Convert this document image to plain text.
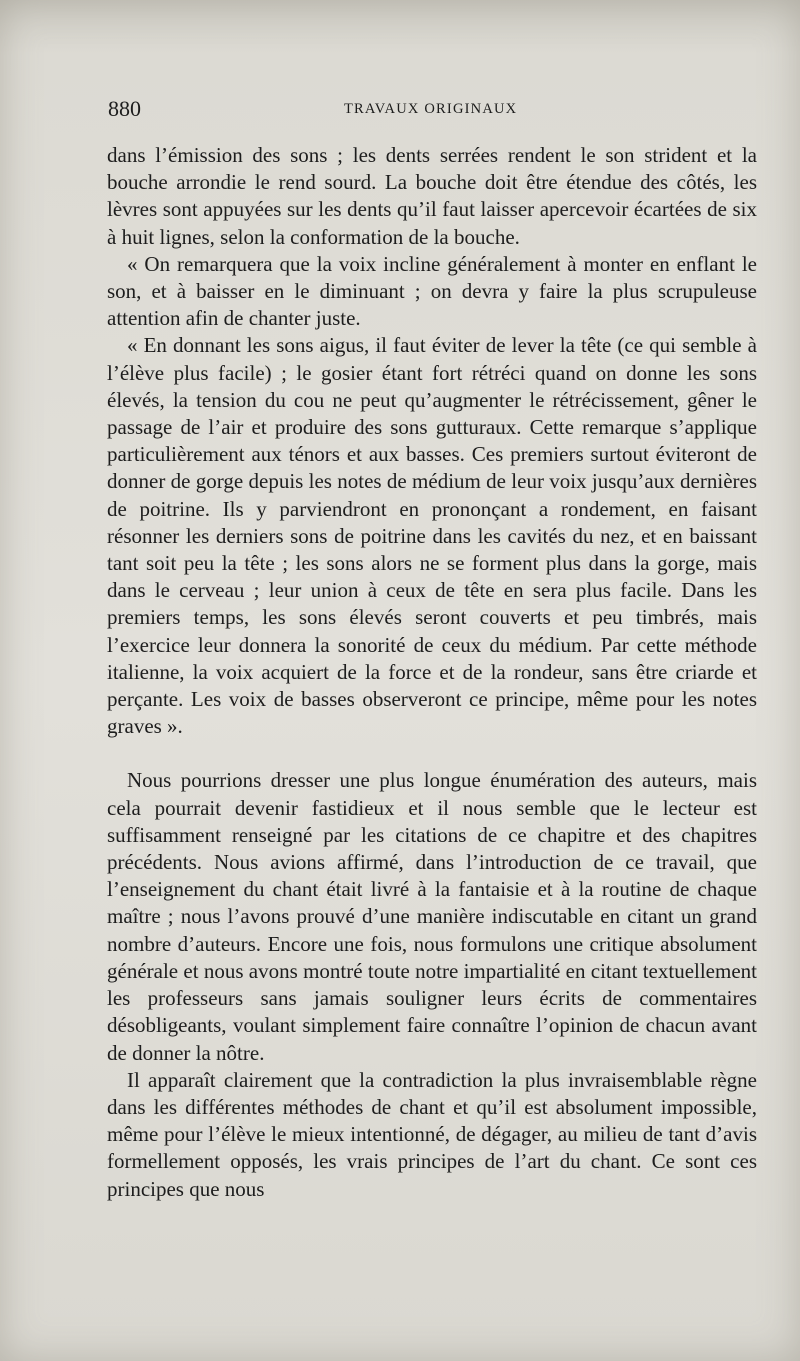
880	TRAVAUX ORIGINAUX

dans l’émission des sons ; les dents serrées rendent le son strident et la bouche arrondie le rend sourd. La bouche doit être étendue des côtés, les lèvres sont appuyées sur les dents qu’il faut laisser apercevoir écartées de six à huit lignes, selon la conformation de la bouche.

« On remarquera que la voix incline généralement à monter en enflant le son, et à baisser en le diminuant ; on devra y faire la plus scrupuleuse attention afin de chanter juste.

« En donnant les sons aigus, il faut éviter de lever la tête (ce qui semble à l’élève plus facile) ; le gosier étant fort rétréci quand on donne les sons élevés, la tension du cou ne peut qu’augmenter le rétrécissement, gêner le passage de l’air et produire des sons gutturaux. Cette remarque s’applique particulièrement aux ténors et aux basses. Ces premiers surtout éviteront de donner de gorge depuis les notes de médium de leur voix jusqu’aux dernières de poitrine. Ils y parviendront en prononçant a rondement, en faisant résonner les derniers sons de poitrine dans les cavités du nez, et en baissant tant soit peu la tête ; les sons alors ne se forment plus dans la gorge, mais dans le cerveau ; leur union à ceux de tête en sera plus facile. Dans les premiers temps, les sons élevés seront couverts et peu timbrés, mais l’exercice leur donnera la sonorité de ceux du médium. Par cette méthode italienne, la voix acquiert de la force et de la rondeur, sans être criarde et perçante. Les voix de basses observeront ce principe, même pour les notes graves ».

Nous pourrions dresser une plus longue énumération des auteurs, mais cela pourrait devenir fastidieux et il nous semble que le lecteur est suffisamment renseigné par les citations de ce chapitre et des chapitres précédents. Nous avions affirmé, dans l’introduction de ce travail, que l’enseignement du chant était livré à la fantaisie et à la routine de chaque maître ; nous l’avons prouvé d’une manière indiscutable en citant un grand nombre d’auteurs. Encore une fois, nous formulons une critique absolument générale et nous avons montré toute notre impartialité en citant textuellement les professeurs sans jamais souligner leurs écrits de commentaires désobligeants, voulant simplement faire connaître l’opinion de chacun avant de donner la nôtre.

Il apparaît clairement que la contradiction la plus invraisemblable règne dans les différentes méthodes de chant et qu’il est absolument impossible, même pour l’élève le mieux intentionné, de dégager, au milieu de tant d’avis formellement opposés, les vrais principes de l’art du chant. Ce sont ces principes que nous
